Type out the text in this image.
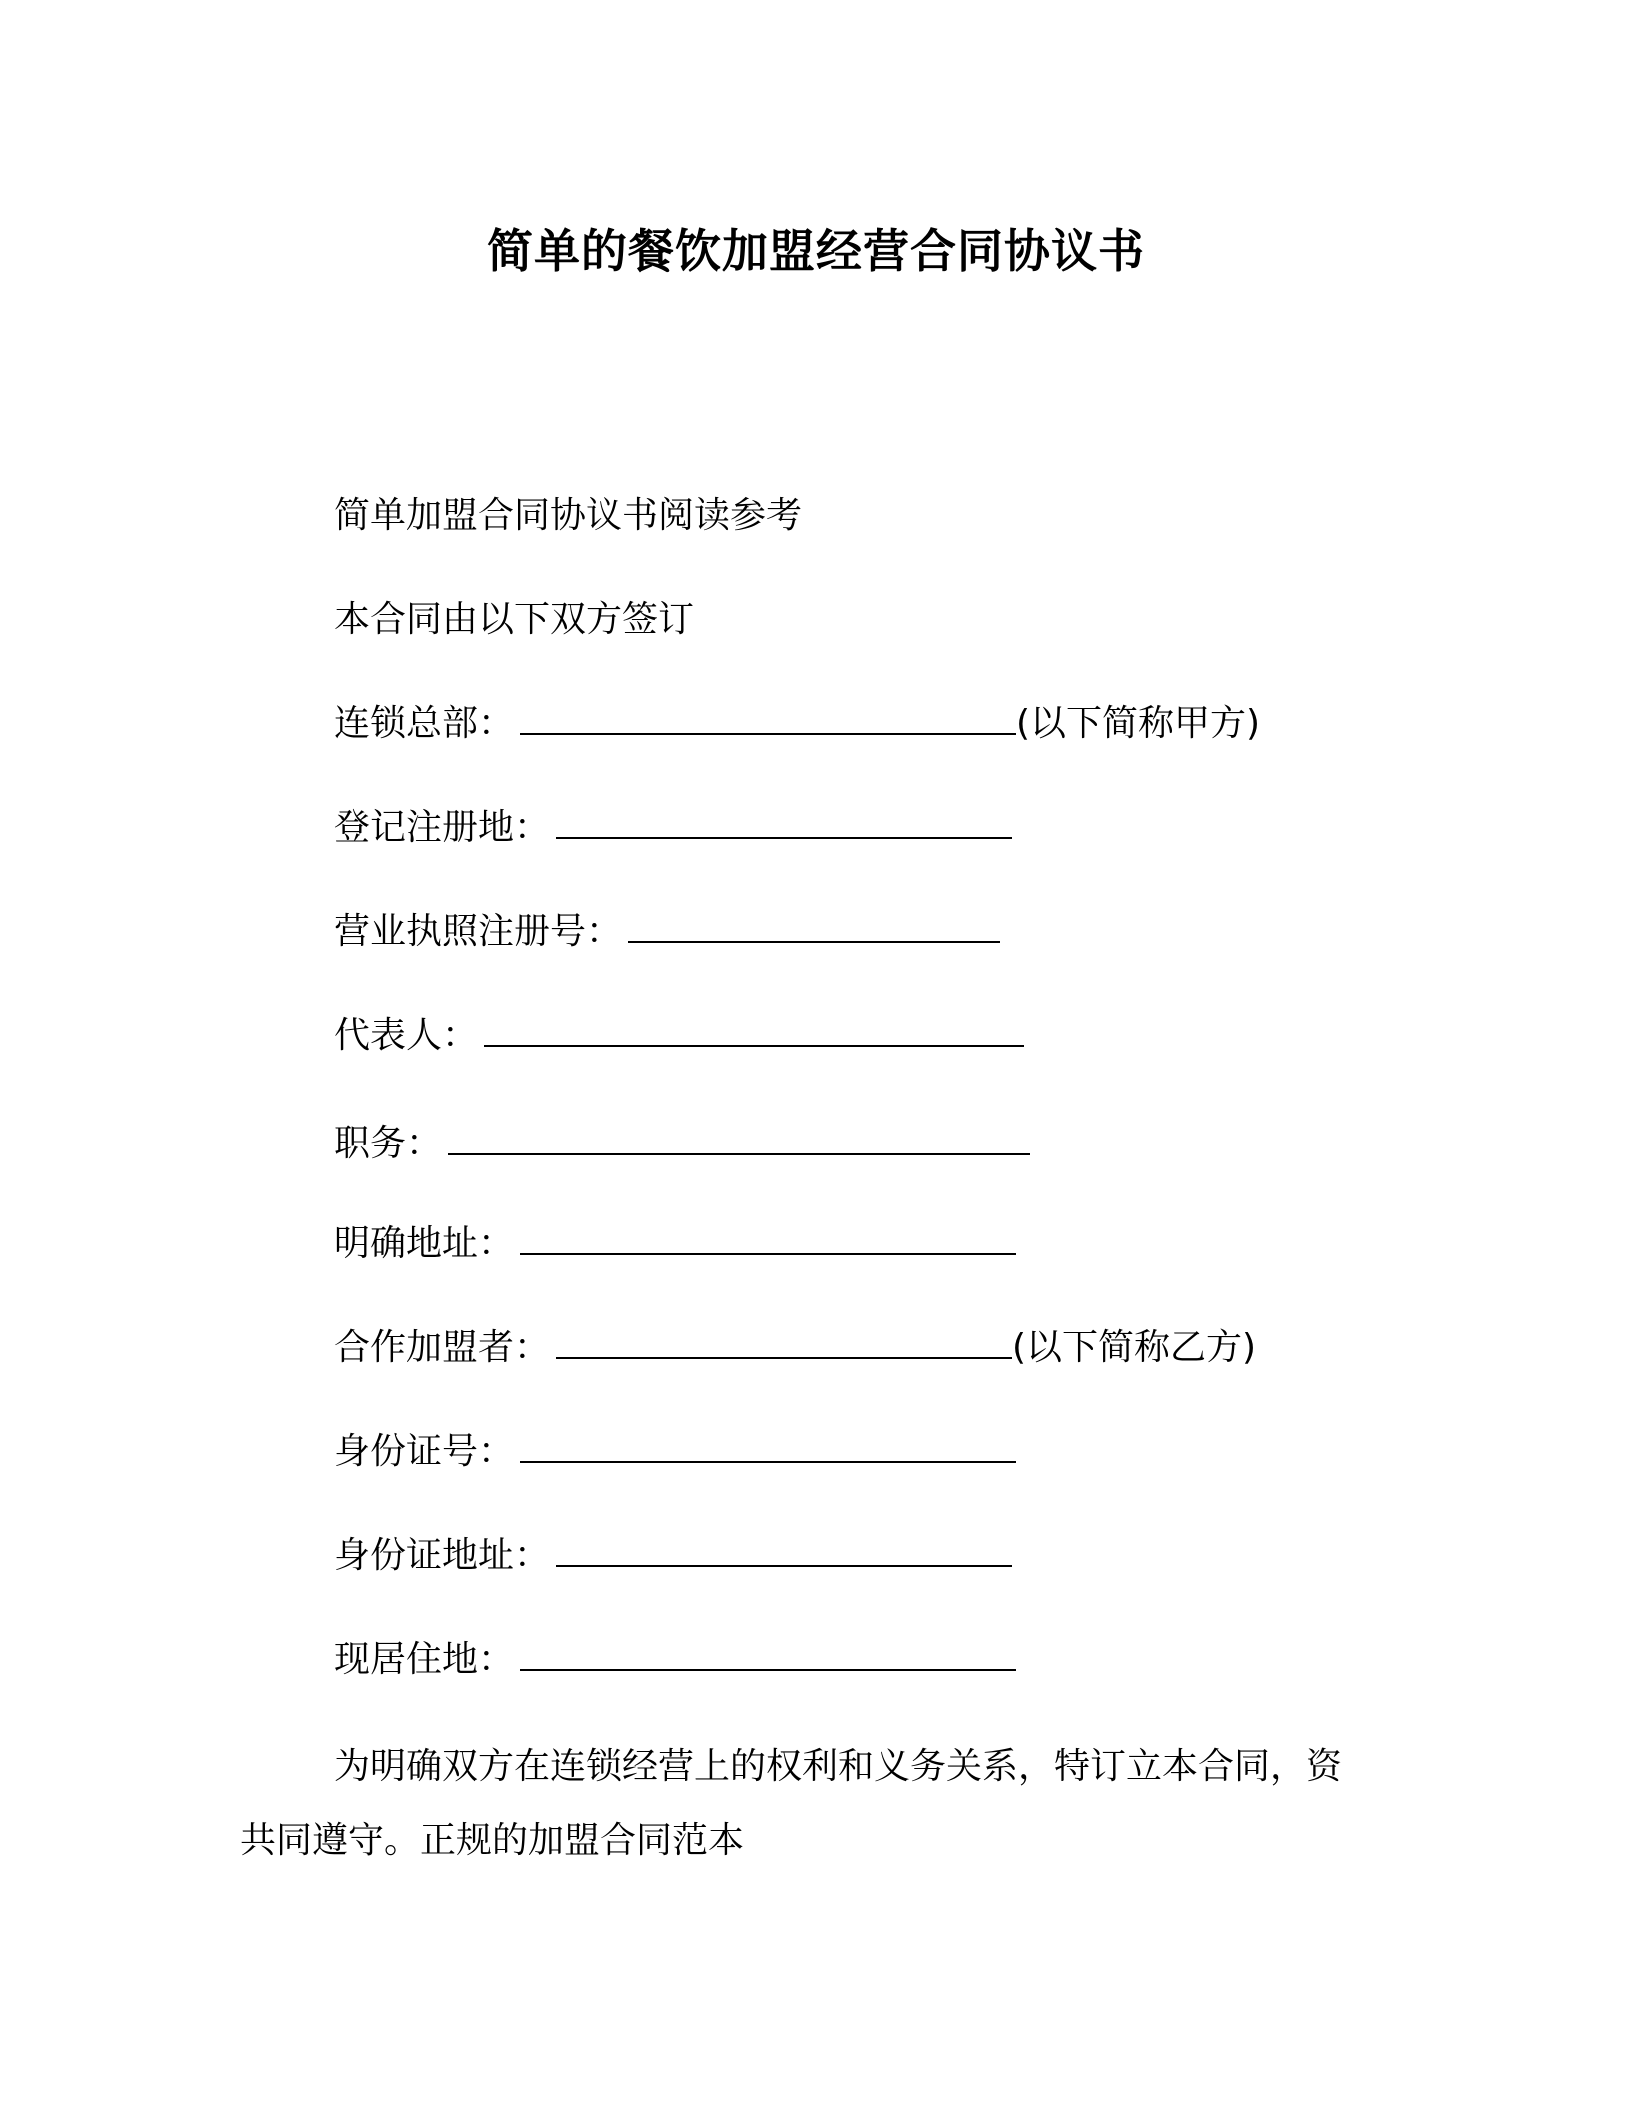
简单的餐饮加盟经营合同协议书
简单加盟合同协议书阅读参考
本合同由以下双方签订
连锁总部：	(以下简称甲方)
登记注册地：
营业执照注册号：
代表人：
职务：
明确地址：
合作加盟者：	(以下简称乙方)
身份证号：
身份证地址：
现居住地：
为明确双方在连锁经营上的权利和义务关系，特订立本合同，资
共同遵守。正规的加盟合同范本
